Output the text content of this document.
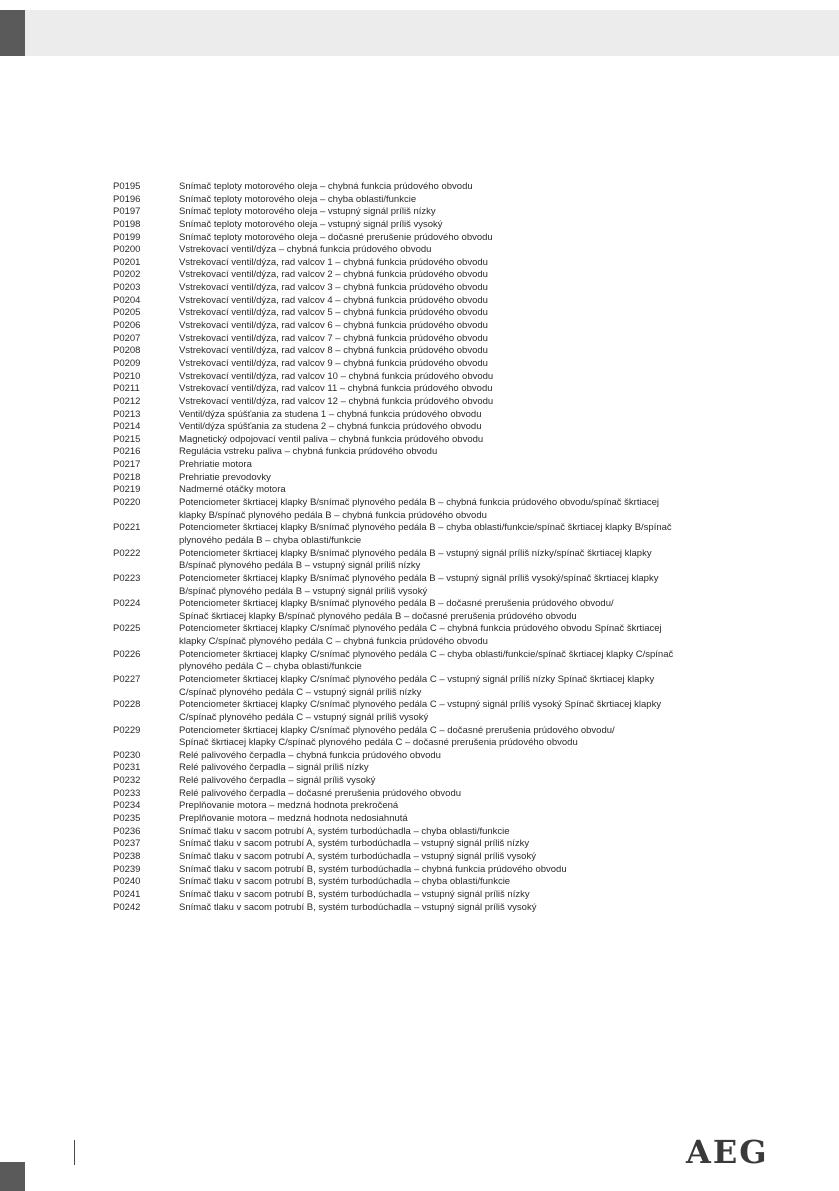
P0195	Snímač teploty motorového oleja – chybná funkcia prúdového obvodu
P0196	Snímač teploty motorového oleja – chyba oblasti/funkcie
P0197	Snímač teploty motorového oleja – vstupný signál príliš nízky
P0198	Snímač teploty motorového oleja – vstupný signál príliš vysoký
P0199	Snímač teploty motorového oleja – dočasné prerušenie prúdového obvodu
P0200	Vstrekovací ventil/dýza – chybná funkcia prúdového obvodu
P0201	Vstrekovací ventil/dýza, rad valcov 1 – chybná funkcia prúdového obvodu
P0202	Vstrekovací ventil/dýza, rad valcov 2 – chybná funkcia prúdového obvodu
P0203	Vstrekovací ventil/dýza, rad valcov 3 – chybná funkcia prúdového obvodu
P0204	Vstrekovací ventil/dýza, rad valcov 4 – chybná funkcia prúdového obvodu
P0205	Vstrekovací ventil/dýza, rad valcov 5 – chybná funkcia prúdového obvodu
P0206	Vstrekovací ventil/dýza, rad valcov 6 – chybná funkcia prúdového obvodu
P0207	Vstrekovací ventil/dýza, rad valcov 7 – chybná funkcia prúdového obvodu
P0208	Vstrekovací ventil/dýza, rad valcov 8 – chybná funkcia prúdového obvodu
P0209	Vstrekovací ventil/dýza, rad valcov 9 – chybná funkcia prúdového obvodu
P0210	Vstrekovací ventil/dýza, rad valcov 10 – chybná funkcia prúdového obvodu
P0211	Vstrekovací ventil/dýza, rad valcov 11 – chybná funkcia prúdového obvodu
P0212	Vstrekovací ventil/dýza, rad valcov 12 – chybná funkcia prúdového obvodu
P0213	Ventil/dýza spúšťania za studena 1 – chybná funkcia prúdového obvodu
P0214	Ventil/dýza spúšťania za studena 2 – chybná funkcia prúdového obvodu
P0215	Magnetický odpojovací ventil paliva – chybná funkcia prúdového obvodu
P0216	Regulácia vstreku paliva – chybná funkcia prúdového obvodu
P0217	Prehriatie motora
P0218	Prehriatie prevodovky
P0219	Nadmerné otáčky motora
P0220	Potenciometer škrtiacej klapky B/snímač plynového pedála B – chybná funkcia prúdového obvodu/spínač škrtiacej
klapky B/spínač plynového pedála B – chybná funkcia prúdového obvodu
P0221	Potenciometer škrtiacej klapky B/snímač plynového pedála B – chyba oblasti/funkcie/spínač škrtiacej klapky B/spínač
plynového pedála B – chyba oblasti/funkcie
P0222	Potenciometer škrtiacej klapky B/snímač plynového pedála B – vstupný signál príliš nízky/spínač škrtiacej klapky
B/spínač plynového pedála B – vstupný signál príliš nízky
P0223	Potenciometer škrtiacej klapky B/snímač plynového pedála B – vstupný signál príliš vysoký/spínač škrtiacej klapky
B/spínač plynového pedála B – vstupný signál príliš vysoký
P0224	Potenciometer škrtiacej klapky B/snímač plynového pedála B – dočasné prerušenia prúdového obvodu/
Spínač škrtiacej klapky B/spínač plynového pedála B – dočasné prerušenia prúdového obvodu
P0225	Potenciometer škrtiacej klapky C/snímač plynového pedála C – chybná funkcia prúdového obvodu Spínač škrtiacej
klapky C/spínač plynového pedála C – chybná funkcia prúdového obvodu
P0226	Potenciometer škrtiacej klapky C/snímač plynového pedála C – chyba oblasti/funkcie/spínač škrtiacej klapky C/spínač
plynového pedála C – chyba oblasti/funkcie
P0227	Potenciometer škrtiacej klapky C/snímač plynového pedála C – vstupný signál príliš nízky Spínač škrtiacej klapky
C/spínač plynového pedála C – vstupný signál príliš nízky
P0228	Potenciometer škrtiacej klapky C/snímač plynového pedála C – vstupný signál príliš vysoký Spínač škrtiacej klapky
C/spínač plynového pedála C – vstupný signál príliš vysoký
P0229	Potenciometer škrtiacej klapky C/snímač plynového pedála C – dočasné prerušenia prúdového obvodu/
Spínač škrtiacej klapky C/spínač plynového pedála C – dočasné prerušenia prúdového obvodu
P0230	Relé palivového čerpadla – chybná funkcia prúdového obvodu
P0231	Relé palivového čerpadla – signál príliš nízky
P0232	Relé palivového čerpadla – signál príliš vysoký
P0233	Relé palivového čerpadla – dočasné prerušenia prúdového obvodu
P0234	Preplňovanie motora – medzná hodnota prekročená
P0235	Preplňovanie motora – medzná hodnota nedosiahnutá
P0236	Snímač tlaku v sacom potrubí A, systém turbodúchadla – chyba oblasti/funkcie
P0237	Snímač tlaku v sacom potrubí A, systém turbodúchadla – vstupný signál príliš nízky
P0238	Snímač tlaku v sacom potrubí A, systém turbodúchadla – vstupný signál príliš vysoký
P0239	Snímač tlaku v sacom potrubí B, systém turbodúchadla – chybná funkcia prúdového obvodu
P0240	Snímač tlaku v sacom potrubí B, systém turbodúchadla – chyba oblasti/funkcie
P0241	Snímač tlaku v sacom potrubí B, systém turbodúchadla – vstupný signál príliš nízky
P0242	Snímač tlaku v sacom potrubí B, systém turbodúchadla – vstupný signál príliš vysoký
AEG
